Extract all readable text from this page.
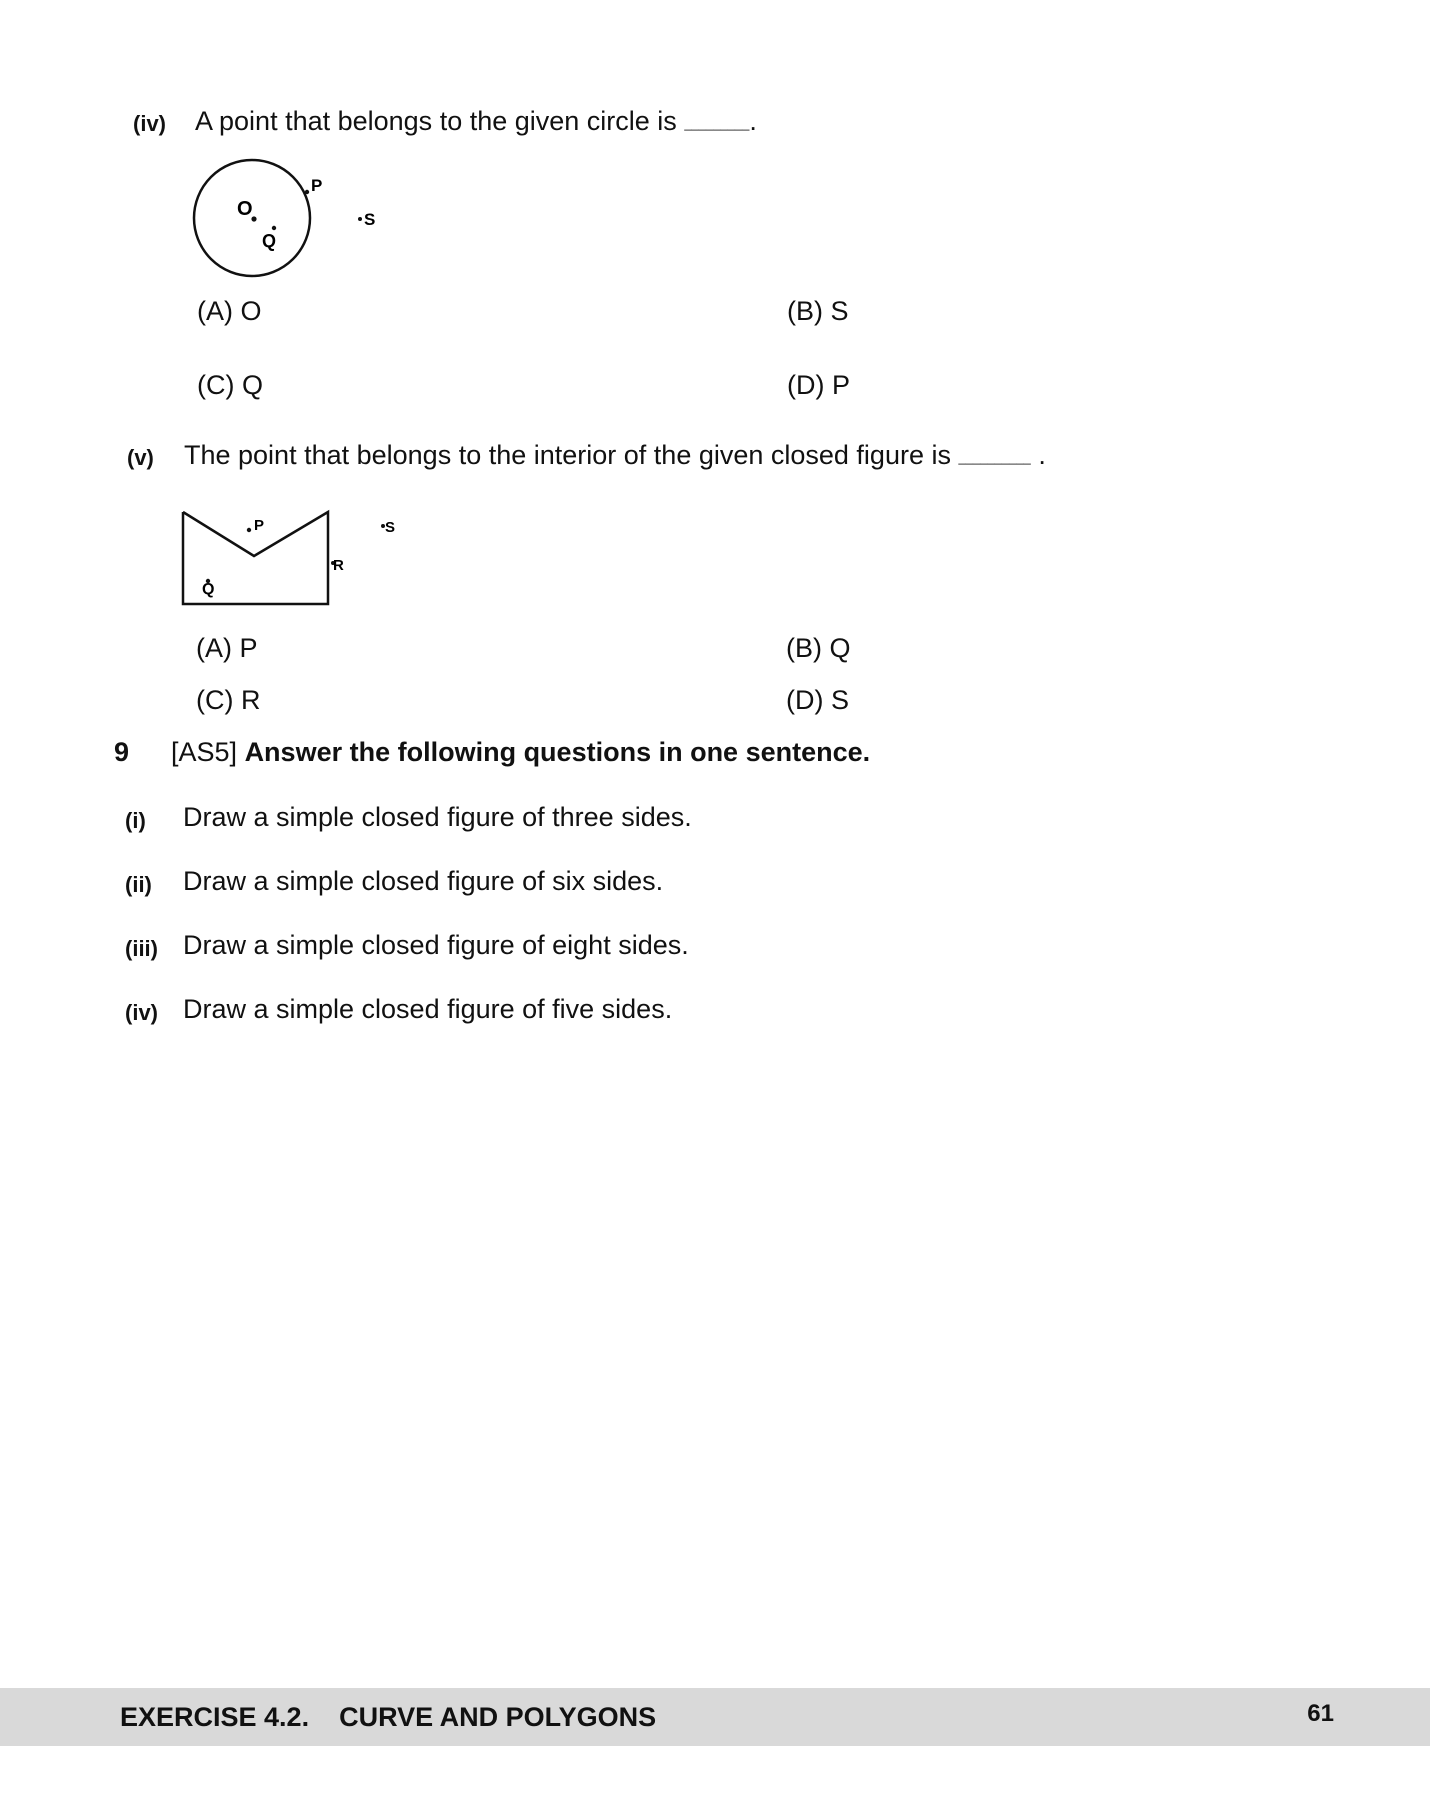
(iv) A point that belongs to the given circle is _________.
O
Q
P
S
(A) O	(B) S
(C) Q	(D) P
(v) The point that belongs to the interior of the given closed figure is __________ .
P
R
Q
S
(A) P	(B) Q
(C) R	(D) S
9 [AS5] Answer the following questions in one sentence.
(i) Draw a simple closed figure of three sides.
(ii) Draw a simple closed figure of six sides.
(iii) Draw a simple closed figure of eight sides.
(iv) Draw a simple closed figure of five sides.
EXERCISE 4.2.    CURVE AND POLYGONS	61
